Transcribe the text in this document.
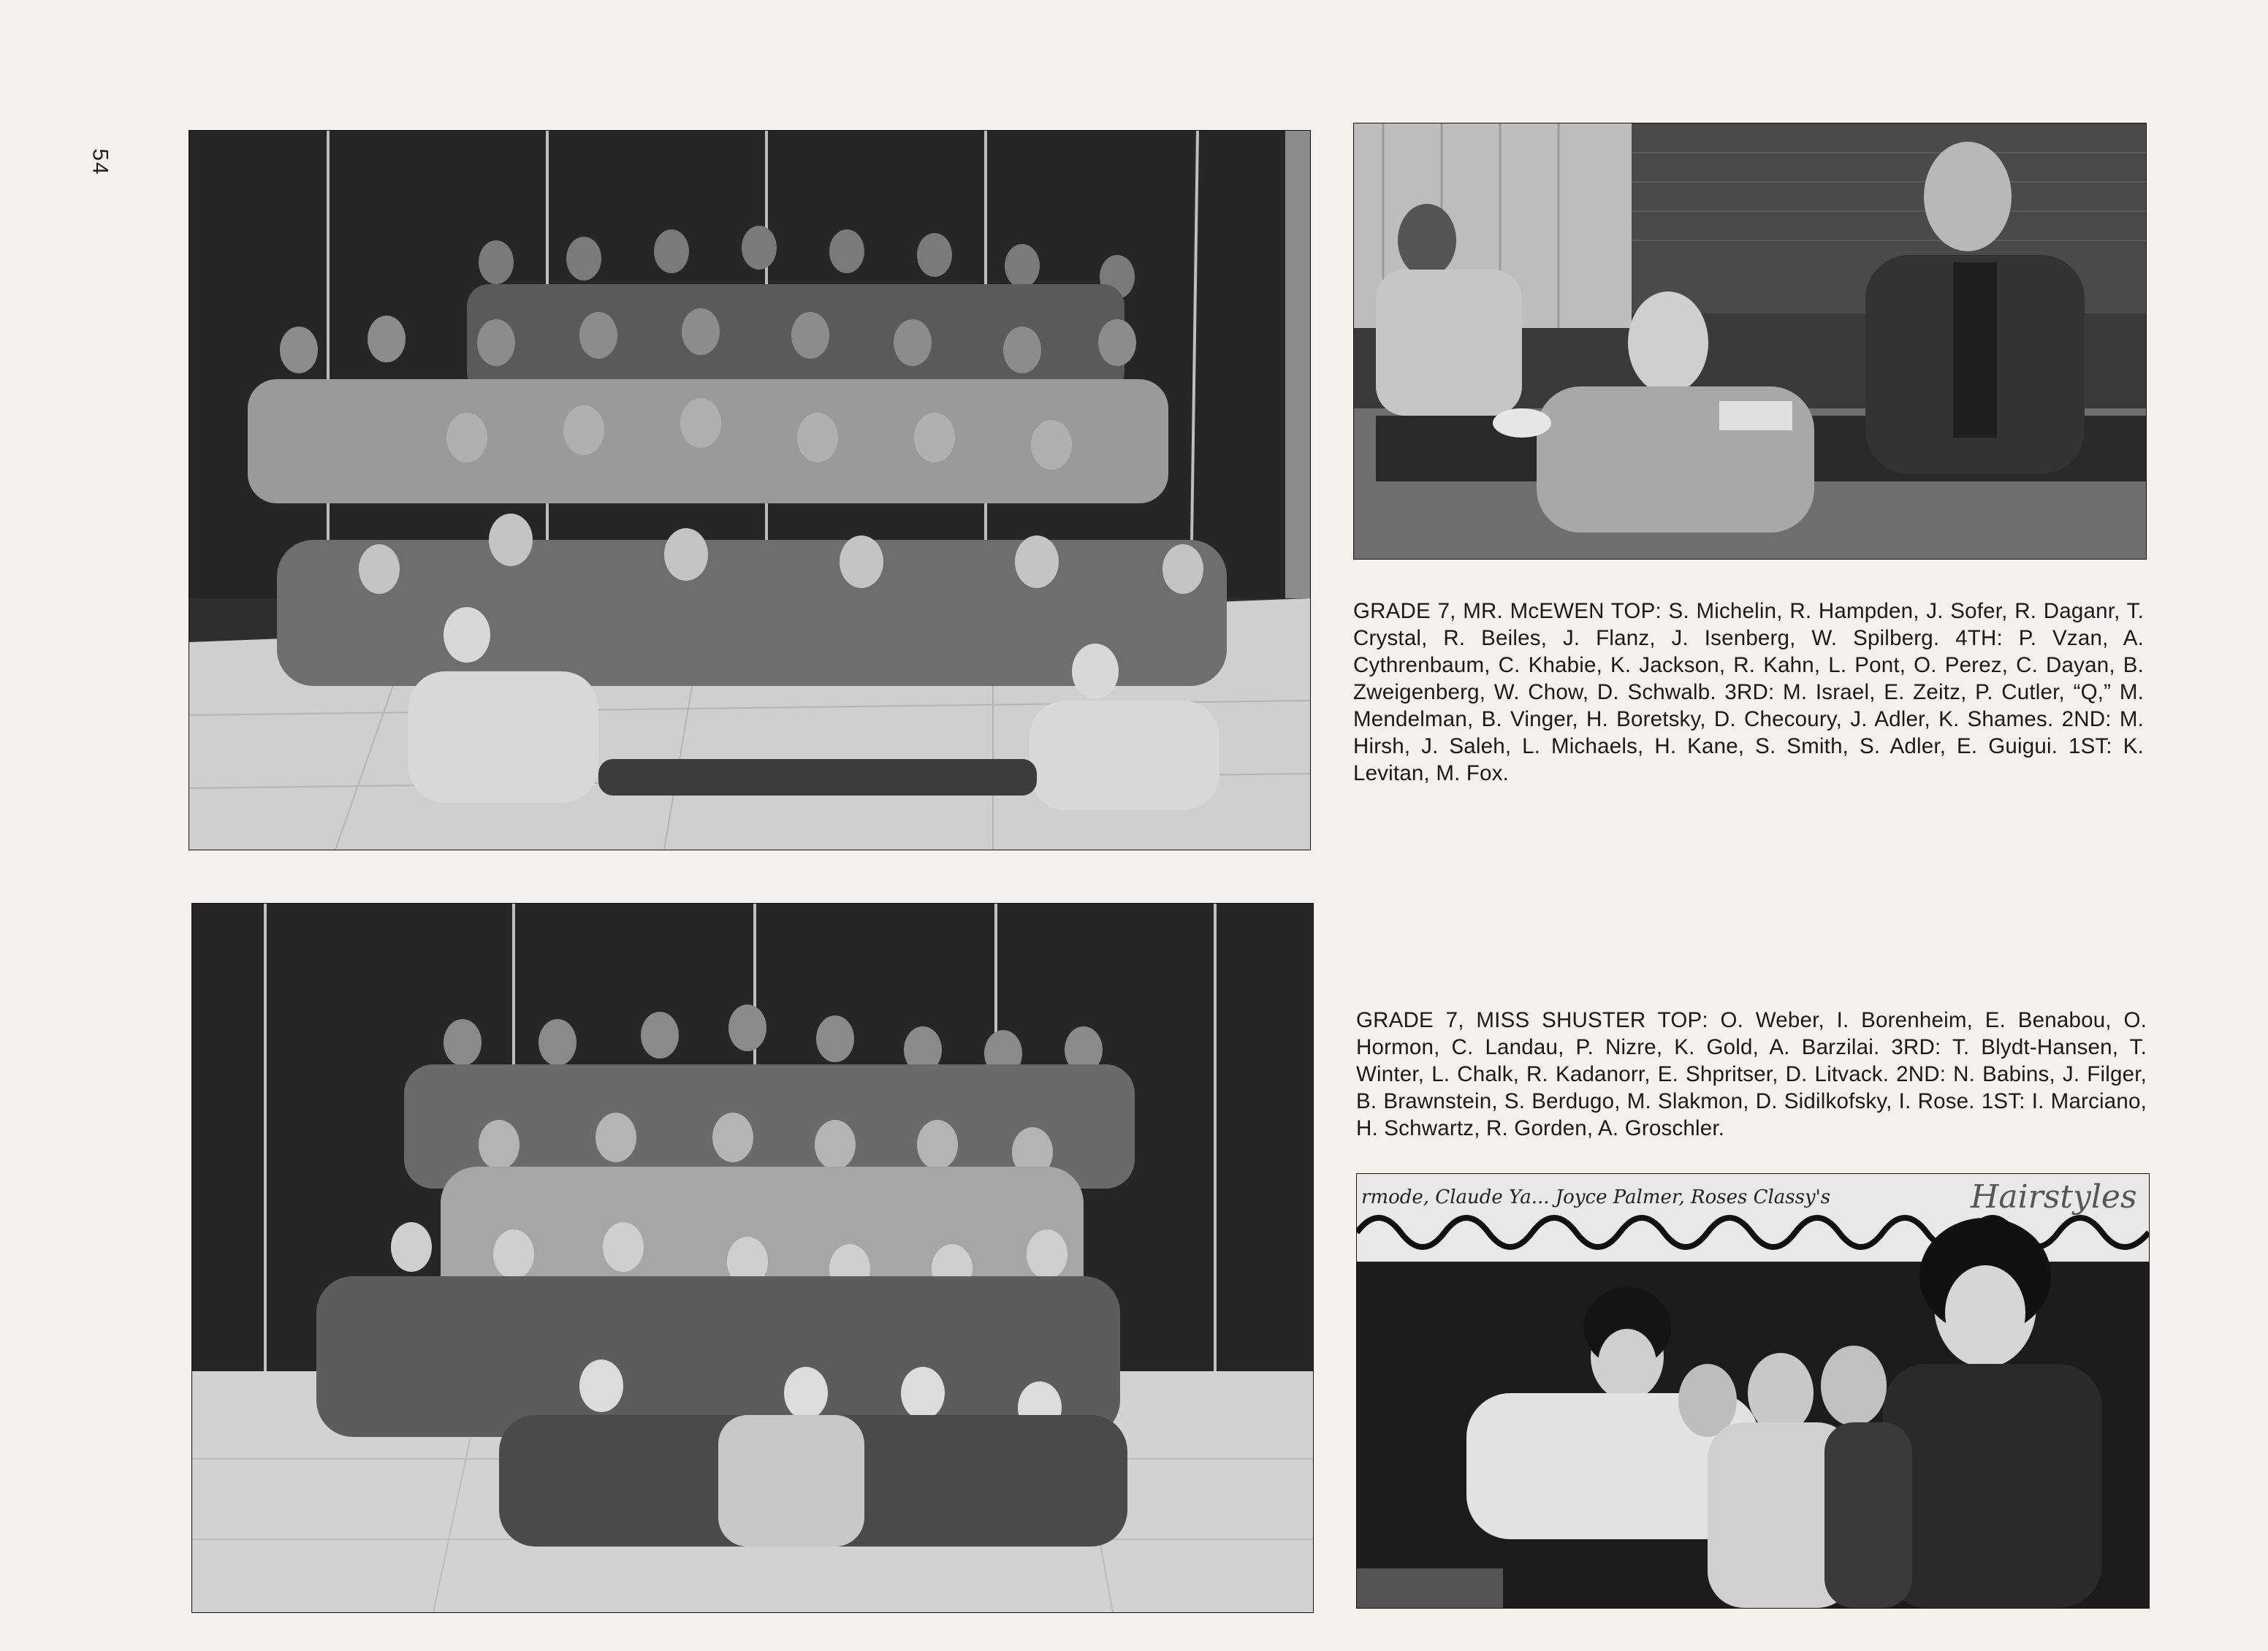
54
GRADE 7, MR. McEWEN TOP: S. Michelin, R. Hampden, J. Sofer, R. Daganr, T. Crystal, R. Beiles, J. Flanz, J. Isenberg, W. Spilberg. 4TH: P. Vzan, A. Cythrenbaum, C. Khabie, K. Jackson, R. Kahn, L. Pont, O. Perez, C. Dayan, B. Zweigenberg, W. Chow, D. Schwalb. 3RD: M. Israel, E. Zeitz, P. Cutler, “Q,” M. Mendelman, B. Vinger, H. Boretsky, D. Checoury, J. Adler, K. Shames. 2ND: M. Hirsh, J. Saleh, L. Michaels, H. Kane, S. Smith, S. Adler, E. Guigui. 1ST: K. Levitan, M. Fox.
GRADE 7, MISS SHUSTER TOP: O. Weber, I. Borenheim, E. Benabou, O. Hormon, C. Landau, P. Nizre, K. Gold, A. Barzilai. 3RD: T. Blydt-Hansen, T. Winter, L. Chalk, R. Kadanorr, E. Shpritser, D. Litvack. 2ND: N. Babins, J. Filger, B. Brawnstein, S. Berdugo, M. Slakmon, D. Sidilkofsky, I. Rose. 1ST: I. Marciano, H. Schwartz, R. Gorden, A. Groschler.
rmode, Claude Ya... Joyce Palmer, Roses Classy's	Hairstyles
